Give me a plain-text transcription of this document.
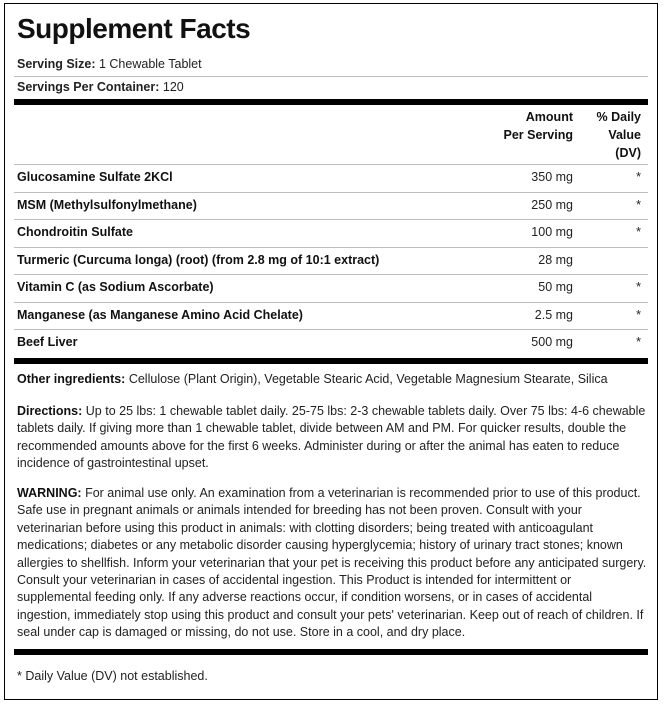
Supplement Facts
Serving Size: 1 Chewable Tablet
Servings Per Container: 120
Amount
Per Serving
% Daily
Value
(DV)
Glucosamine Sulfate 2KCl	350 mg	*
MSM (Methylsulfonylmethane)	250 mg	*
Chondroitin Sulfate	100 mg	*
Turmeric (Curcuma longa) (root) (from 2.8 mg of 10:1 extract)	28 mg
Vitamin C (as Sodium Ascorbate)	50 mg	*
Manganese (as Manganese Amino Acid Chelate)	2.5 mg	*
Beef Liver	500 mg	*
Other ingredients: Cellulose (Plant Origin), Vegetable Stearic Acid, Vegetable Magnesium Stearate, Silica
Directions: Up to 25 lbs: 1 chewable tablet daily. 25-75 lbs: 2-3 chewable tablets daily. Over 75 lbs: 4-6 chewable tablets daily. If giving more than 1 chewable tablet, divide between AM and PM. For quicker results, double the recommended amounts above for the first 6 weeks. Administer during or after the animal has eaten to reduce incidence of gastrointestinal upset.
WARNING: For animal use only. An examination from a veterinarian is recommended prior to use of this product. Safe use in pregnant animals or animals intended for breeding has not been proven. Consult with your veterinarian before using this product in animals: with clotting disorders; being treated with anticoagulant medications; diabetes or any metabolic disorder causing hyperglycemia; history of urinary tract stones; known allergies to shellfish. Inform your veterinarian that your pet is receiving this product before any anticipated surgery. Consult your veterinarian in cases of accidental ingestion. This Product is intended for intermittent or supplemental feeding only. If any adverse reactions occur, if condition worsens, or in cases of accidental ingestion, immediately stop using this product and consult your pets' veterinarian. Keep out of reach of children. If seal under cap is damaged or missing, do not use. Store in a cool, and dry place.
* Daily Value (DV) not established.
